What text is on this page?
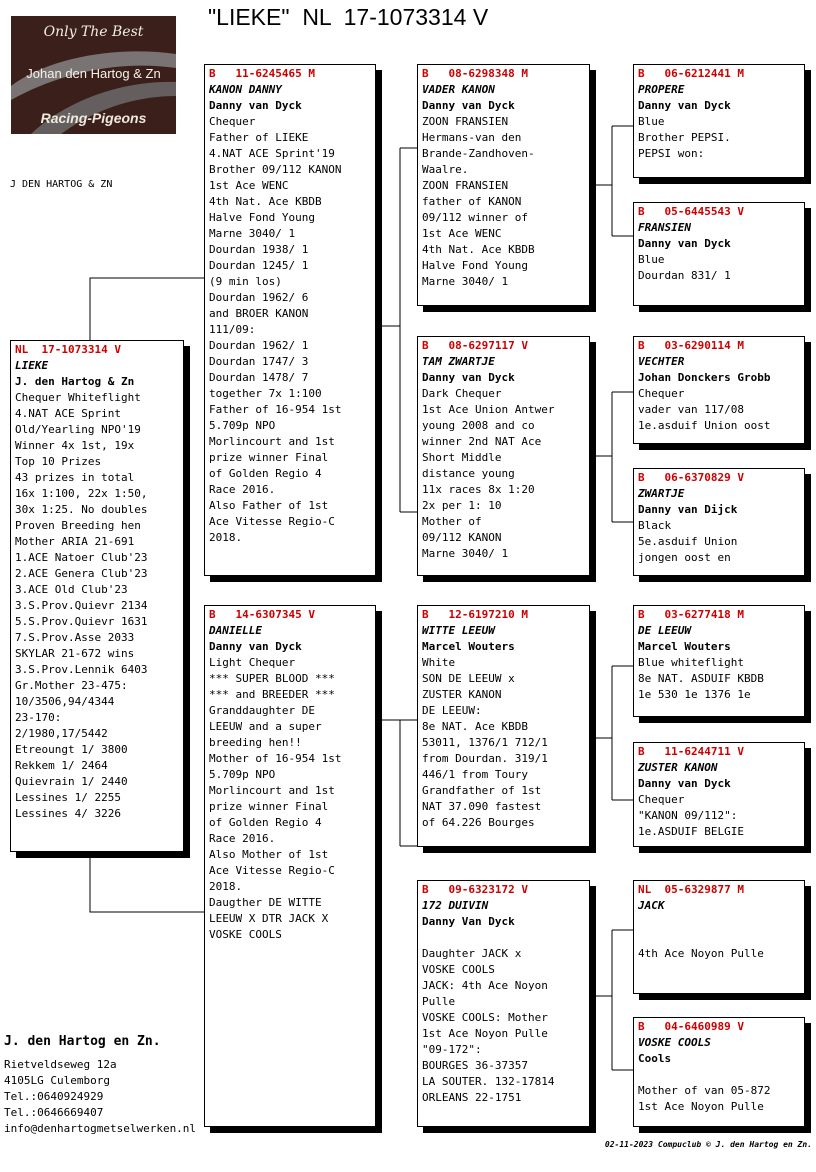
"LIEKE"  NL  17-1073314 V
Only The Best
Johan den Hartog & Zn
Racing-Pigeons
J DEN HARTOG & ZN
NL  17-1073314 V
LIEKE
J. den Hartog & Zn
Chequer Whiteflight
4.NAT ACE Sprint
Old/Yearling NPO'19
Winner 4x 1st, 19x
Top 10 Prizes
43 prizes in total
16x 1:100, 22x 1:50,
30x 1:25. No doubles
Proven Breeding hen
Mother ARIA 21-691
1.ACE Natoer Club'23
2.ACE Genera Club'23
3.ACE Old Club'23
3.S.Prov.Quievr 2134
5.S.Prov.Quievr 1631
7.S.Prov.Asse 2033
SKYLAR 21-672 wins
3.S.Prov.Lennik 6403
Gr.Mother 23-475:
10/3506,94/4344
23-170:
2/1980,17/5442
Etreoungt 1/ 3800
Rekkem 1/ 2464
Quievrain 1/ 2440
Lessines 1/ 2255
Lessines 4/ 3226
B   11-6245465 M
KANON DANNY
Danny van Dyck
Chequer
Father of LIEKE
4.NAT ACE Sprint'19
Brother 09/112 KANON
1st Ace WENC
4th Nat. Ace KBDB
Halve Fond Young
Marne 3040/ 1
Dourdan 1938/ 1
Dourdan 1245/ 1
(9 min los)
Dourdan 1962/ 6
and BROER KANON
111/09:
Dourdan 1962/ 1
Dourdan 1747/ 3
Dourdan 1478/ 7
together 7x 1:100
Father of 16-954 1st
5.709p NPO
Morlincourt and 1st
prize winner Final
of Golden Regio 4
Race 2016.
Also Father of 1st
Ace Vitesse Regio-C
2018.
B   14-6307345 V
DANIELLE
Danny van Dyck
Light Chequer
*** SUPER BLOOD ***
*** and BREEDER ***
Granddaughter DE
LEEUW and a super
breeding hen!!
Mother of 16-954 1st
5.709p NPO
Morlincourt and 1st
prize winner Final
of Golden Regio 4
Race 2016.
Also Mother of 1st
Ace Vitesse Regio-C
2018.
Daugther DE WITTE
LEEUW X DTR JACK X
VOSKE COOLS
B   08-6298348 M
VADER KANON
Danny van Dyck
ZOON FRANSIEN
Hermans-van den
Brande-Zandhoven-
Waalre.
ZOON FRANSIEN
father of KANON
09/112 winner of
1st Ace WENC
4th Nat. Ace KBDB
Halve Fond Young
Marne 3040/ 1
B   08-6297117 V
TAM ZWARTJE
Danny van Dyck
Dark Chequer
1st Ace Union Antwer
young 2008 and co
winner 2nd NAT Ace
Short Middle
distance young
11x races 8x 1:20
2x per 1: 10
Mother of
09/112 KANON
Marne 3040/ 1
B   12-6197210 M
WITTE LEEUW
Marcel Wouters
White
SON DE LEEUW x
ZUSTER KANON
DE LEEUW:
8e NAT. Ace KBDB
53011, 1376/1 712/1
from Dourdan. 319/1
446/1 from Toury
Grandfather of 1st
NAT 37.090 fastest
of 64.226 Bourges
B   09-6323172 V
172 DUIVIN
Danny Van Dyck

Daughter JACK x
VOSKE COOLS
JACK: 4th Ace Noyon
Pulle
VOSKE COOLS: Mother
1st Ace Noyon Pulle
"09-172":
BOURGES 36-37357
LA SOUTER. 132-17814
ORLEANS 22-1751
B   06-6212441 M
PROPERE
Danny van Dyck
Blue
Brother PEPSI.
PEPSI won:
B   05-6445543 V
FRANSIEN
Danny van Dyck
Blue
Dourdan 831/ 1
B   03-6290114 M
VECHTER
Johan Donckers Grobb
Chequer
vader van 117/08
1e.asduif Union oost
B   06-6370829 V
ZWARTJE
Danny van Dijck
Black
5e.asduif Union
jongen oost en
B   03-6277418 M
DE LEEUW
Marcel Wouters
Blue whiteflight
8e NAT. ASDUIF KBDB
1e 530 1e 1376 1e
B   11-6244711 V
ZUSTER KANON
Danny van Dyck
Chequer
"KANON 09/112":
1e.ASDUIF BELGIE
NL  05-6329877 M
JACK

4th Ace Noyon Pulle
B   04-6460989 V
VOSKE COOLS
Cools

Mother of van 05-872
1st Ace Noyon Pulle
J. den Hartog en Zn.
Rietveldseweg 12a
4105LG Culemborg
Tel.:0640924929
Tel.:0646669407
info@denhartogmetselwerken.nl
02-11-2023 Compuclub © J. den Hartog en Zn.
